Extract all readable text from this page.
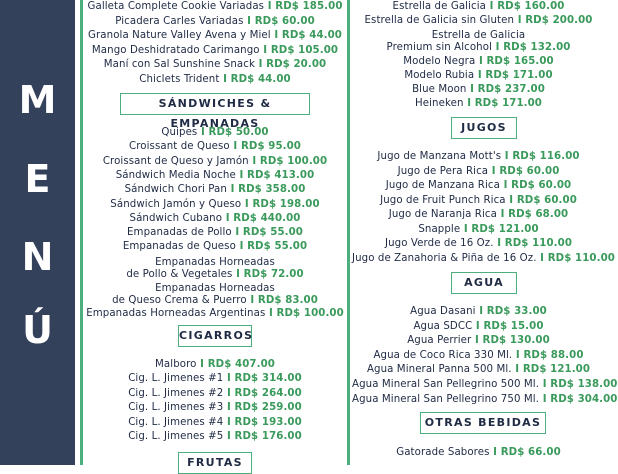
M
E
N
Ú
Galleta Complete Cookie Variadas I RD$ 185.00
Picadera Carles Variadas I RD$ 60.00
Granola Nature Valley Avena y Miel I RD$ 44.00
Mango Deshidratado Carimango I RD$ 105.00
Maní con Sal Sunshine Snack I RD$ 20.00
Chiclets Trident I RD$ 44.00
SÁNDWICHES & EMPANADAS
Quipes I RD$ 50.00
Croissant de Queso I RD$ 95.00
Croissant de Queso y Jamón I RD$ 100.00
Sándwich Media Noche I RD$ 413.00
Sándwich Chori Pan I RD$ 358.00
Sándwich Jamón y Queso I RD$ 198.00
Sándwich Cubano I RD$ 440.00
Empanadas de Pollo I RD$ 55.00
Empanadas de Queso I RD$ 55.00
Empanadas Horneadas
de Pollo & Vegetales I RD$ 72.00
Empanadas Horneadas
de Queso Crema & Puerro I RD$ 83.00
Empanadas Horneadas Argentinas I RD$ 100.00
CIGARROS
Malboro I RD$ 407.00
Cig. L. Jimenes #1 I RD$ 314.00
Cig. L. Jimenes #2 I RD$ 264.00
Cig. L. Jimenes #3 I RD$ 259.00
Cig. L. Jimenes #4 I RD$ 193.00
Cig. L. Jimenes #5 I RD$ 176.00
FRUTAS
Estrella de Galicia I RD$ 160.00
Estrella de Galicia sin Gluten I RD$ 200.00
Estrella de Galicia
Premium sin Alcohol I RD$ 132.00
Modelo Negra I RD$ 165.00
Modelo Rubia I RD$ 171.00
Blue Moon I RD$ 237.00
Heineken I RD$ 171.00
JUGOS
Jugo de Manzana Mott's I RD$ 116.00
Jugo de Pera Rica I RD$ 60.00
Jugo de Manzana Rica I RD$ 60.00
Jugo de Fruit Punch Rica I RD$ 60.00
Jugo de Naranja Rica I RD$ 68.00
Snapple I RD$ 121.00
Jugo Verde de 16 Oz. I RD$ 110.00
Jugo de Zanahoria & Piña de 16 Oz. I RD$ 110.00
AGUA
Agua Dasani I RD$ 33.00
Agua SDCC I RD$ 15.00
Agua Perrier I RD$ 130.00
Agua de Coco Rica 330 Ml. I RD$ 88.00
Agua Mineral Panna 500 Ml. I RD$ 121.00
Agua Mineral San Pellegrino 500 Ml. I RD$ 138.00
Agua Mineral San Pellegrino 750 Ml. I RD$ 304.00
OTRAS BEBIDAS
Gatorade Sabores I RD$ 66.00
